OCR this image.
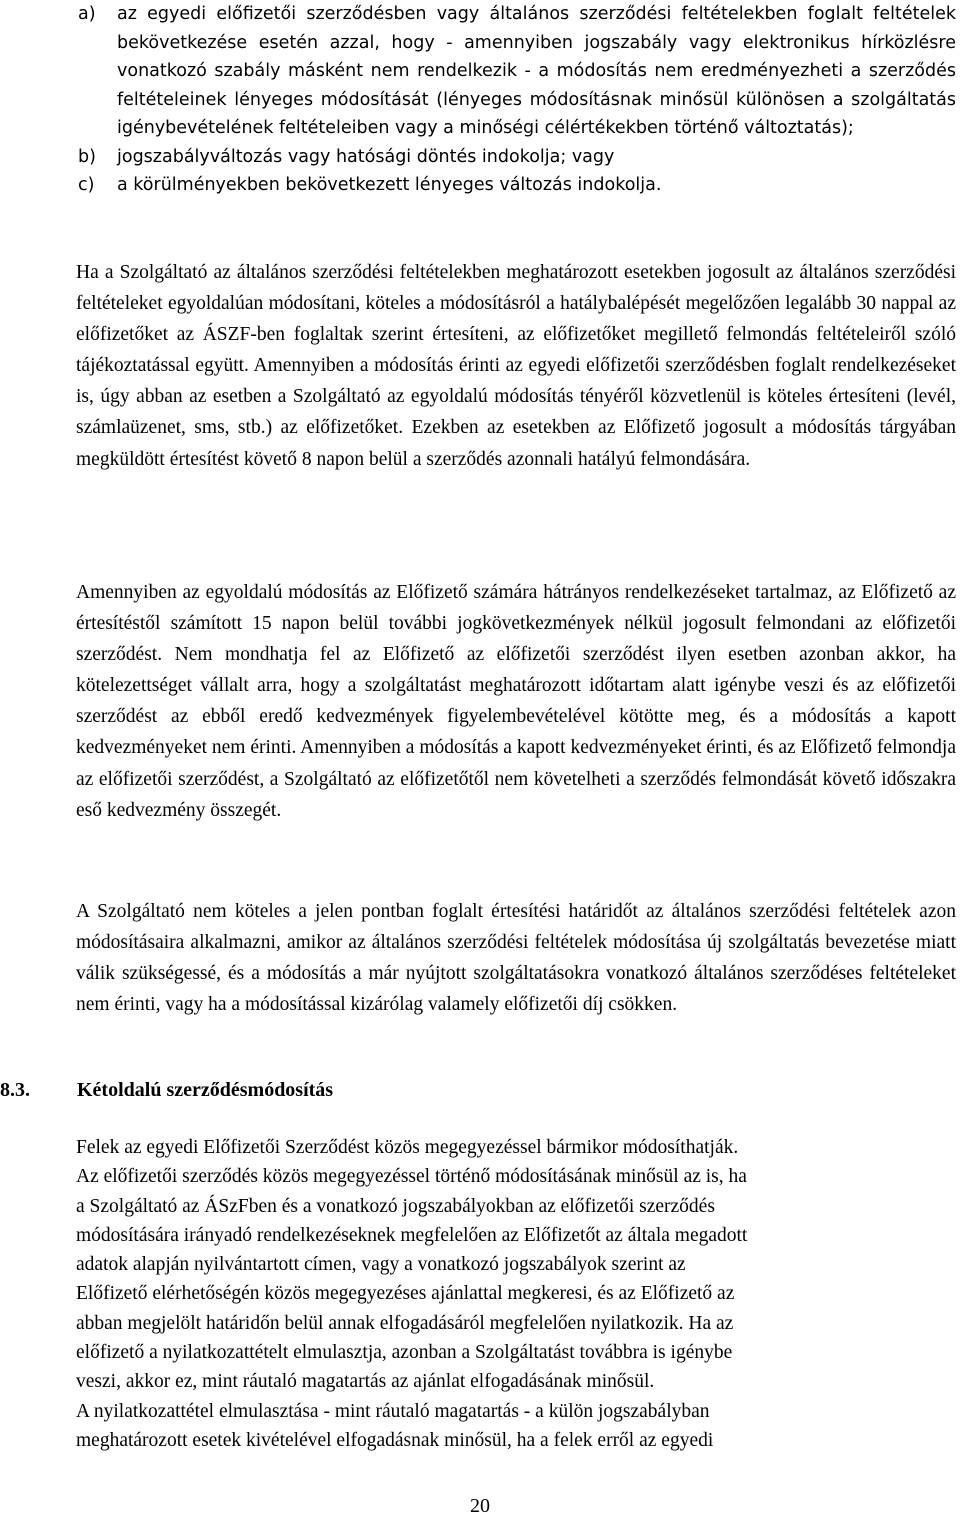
a) az egyedi előfizetői szerződésben vagy általános szerződési feltételekben foglalt feltételek bekövetkezése esetén azzal, hogy - amennyiben jogszabály vagy elektronikus hírközlésre vonatkozó szabály másként nem rendelkezik - a módosítás nem eredményezheti a szerződés feltételeinek lényeges módosítását (lényeges módosításnak minősül különösen a szolgáltatás igénybevételének feltételeiben vagy a minőségi célértékekben történő változtatás);
b) jogszabályváltozás vagy hatósági döntés indokolja; vagy
c) a körülményekben bekövetkezett lényeges változás indokolja.

Ha a Szolgáltató az általános szerződési feltételekben meghatározott esetekben jogosult az általános szerződési feltételeket egyoldalúan módosítani, köteles a módosításról a hatálybalépését megelőzően legalább 30 nappal az előfizetőket az ÁSZF-ben foglaltak szerint értesíteni, az előfizetőket megillető felmondás feltételeiről szóló tájékoztatással együtt. Amennyiben a módosítás érinti az egyedi előfizetői szerződésben foglalt rendelkezéseket is, úgy abban az esetben a Szolgáltató az egyoldalú módosítás tényéről közvetlenül is köteles értesíteni (levél, számlaüzenet, sms, stb.) az előfizetőket. Ezekben az esetekben az Előfizető jogosult a módosítás tárgyában megküldött értesítést követő 8 napon belül a szerződés azonnali hatályú felmondására.

Amennyiben az egyoldalú módosítás az Előfizető számára hátrányos rendelkezéseket tartalmaz, az Előfizető az értesítéstől számított 15 napon belül további jogkövetkezmények nélkül jogosult felmondani az előfizetői szerződést. Nem mondhatja fel az Előfizető az előfizetői szerződést ilyen esetben azonban akkor, ha kötelezettséget vállalt arra, hogy a szolgáltatást meghatározott időtartam alatt igénybe veszi és az előfizetői szerződést az ebből eredő kedvezmények figyelembevételével kötötte meg, és a módosítás a kapott kedvezményeket nem érinti. Amennyiben a módosítás a kapott kedvezményeket érinti, és az Előfizető felmondja az előfizetői szerződést, a Szolgáltató az előfizetőtől nem követelheti a szerződés felmondását követő időszakra eső kedvezmény összegét.

A Szolgáltató nem köteles a jelen pontban foglalt értesítési határidőt az általános szerződési feltételek azon módosításaira alkalmazni, amikor az általános szerződési feltételek módosítása új szolgáltatás bevezetése miatt válik szükségessé, és a módosítás a már nyújtott szolgáltatásokra vonatkozó általános szerződéses feltételeket nem érinti, vagy ha a módosítással kizárólag valamely előfizetői díj csökken.

8.3. Kétoldalú szerződésmódosítás
Felek az egyedi Előfizetői Szerződést közös megegyezéssel bármikor módosíthatják.
Az előfizetői szerződés közös megegyezéssel történő módosításának minősül az is, ha
a Szolgáltató az ÁSzFben és a vonatkozó jogszabályokban az előfizetői szerződés
módosítására irányadó rendelkezéseknek megfelelően az Előfizetőt az általa megadott
adatok alapján nyilvántartott címen, vagy a vonatkozó jogszabályok szerint az
Előfizető elérhetőségén közös megegyezéses ajánlattal megkeresi, és az Előfizető az
abban megjelölt határidőn belül annak elfogadásáról megfelelően nyilatkozik. Ha az
előfizető a nyilatkozattételt elmulasztja, azonban a Szolgáltatást továbbra is igénybe
veszi, akkor ez, mint ráutaló magatartás az ajánlat elfogadásának minősül.
A nyilatkozattétel elmulasztása - mint ráutaló magatartás - a külön jogszabályban
meghatározott esetek kivételével elfogadásnak minősül, ha a felek erről az egyedi
20
